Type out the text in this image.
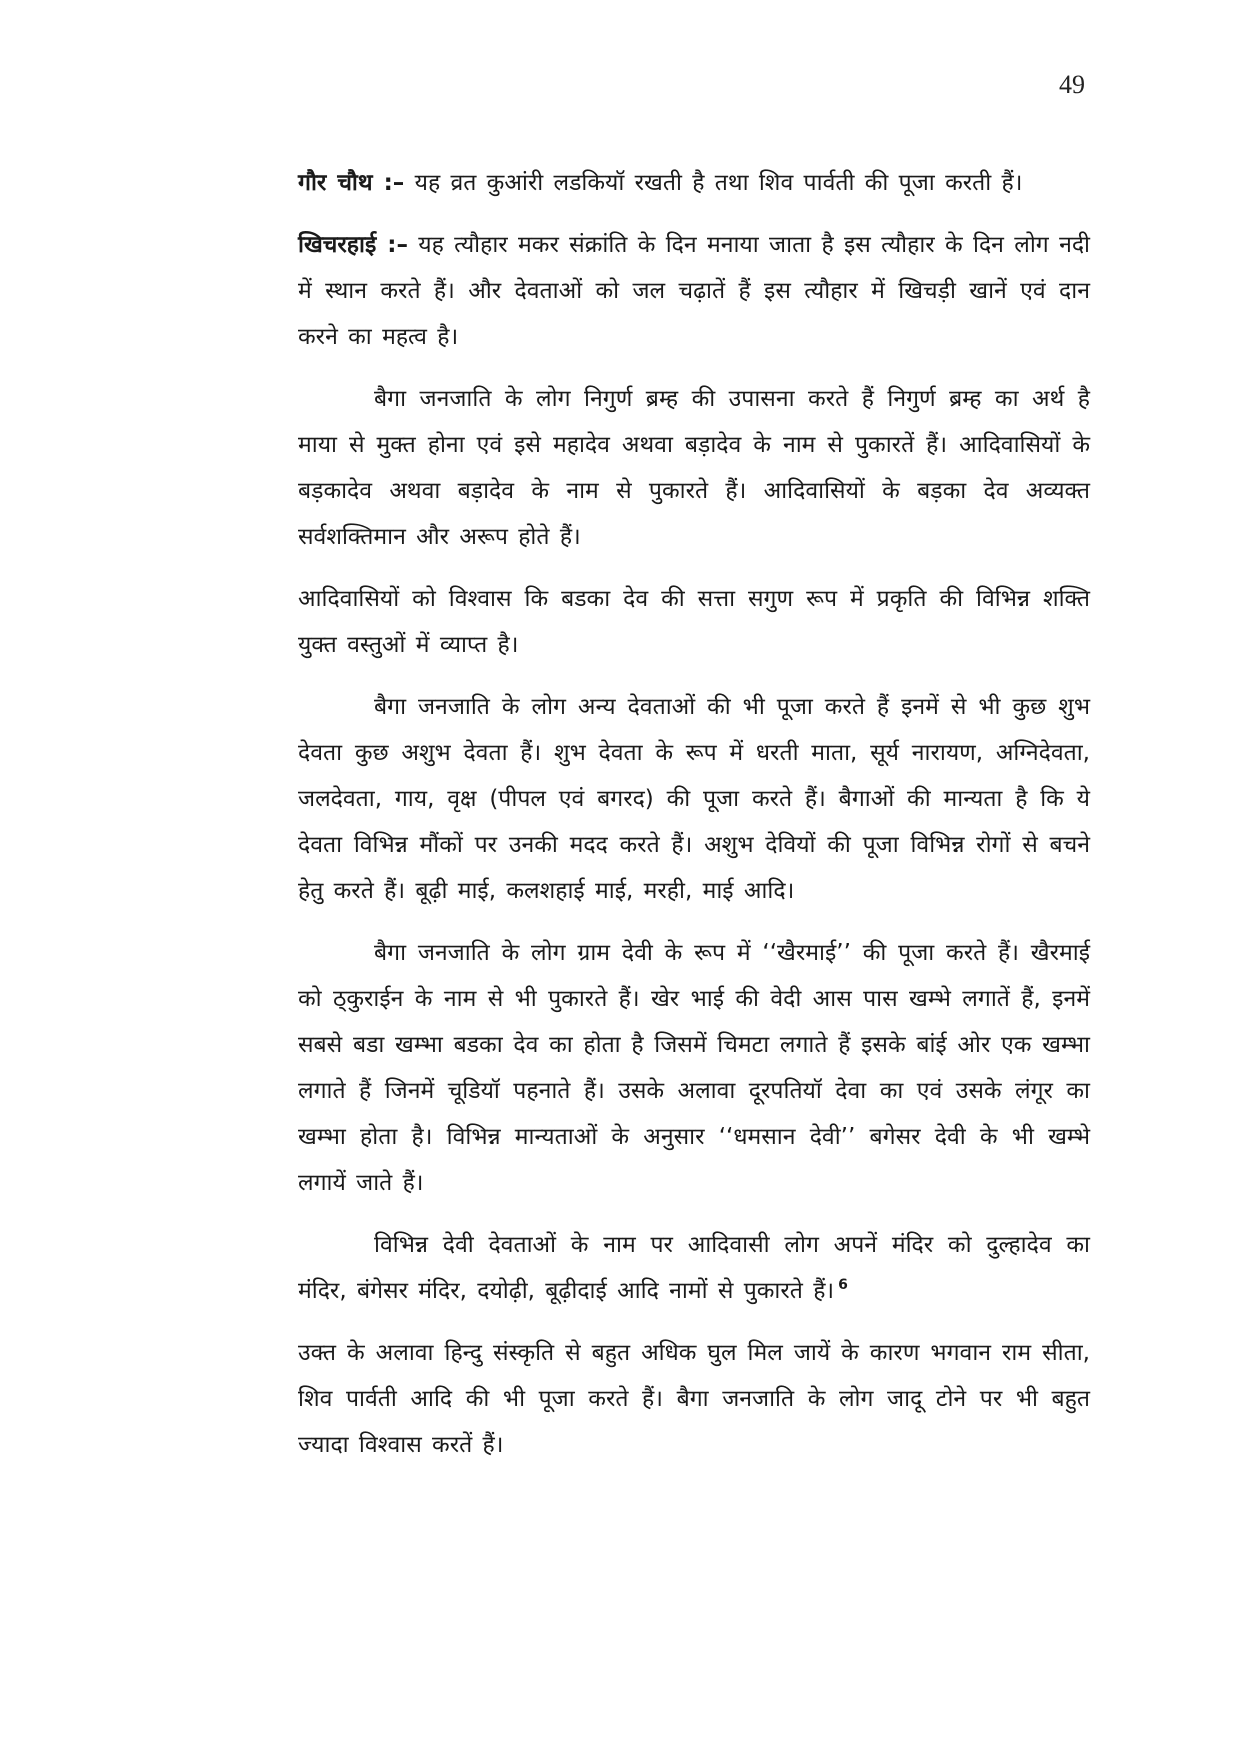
49

गौर चौथ :– यह व्रत कुआंरी लडकियॉ रखती है तथा शिव पार्वती की पूजा करती हैं।

खिचरहाई :– यह त्यौहार मकर संक्रांति के दिन मनाया जाता है इस त्यौहार के दिन लोग नदी में स्थान करते हैं। और देवताओं को जल चढ़ातें हैं इस त्यौहार में खिचड़ी खानें एवं दान करने का महत्व है।

बैगा जनजाति के लोग निगुर्ण ब्रम्ह की उपासना करते हैं निगुर्ण ब्रम्ह का अर्थ है माया से मुक्त होना एवं इसे महादेव अथवा बड़ादेव के नाम से पुकारतें हैं। आदिवासियों के बड़कादेव अथवा बड़ादेव के नाम से पुकारते हैं। आदिवासियों के बड़का देव अव्यक्त सर्वशक्तिमान और अरूप होते हैं।

आदिवासियों को विश्वास कि बडका देव की सत्ता सगुण रूप में प्रकृति की विभिन्न शक्ति युक्त वस्तुओं में व्याप्त है।

बैगा जनजाति के लोग अन्य देवताओं की भी पूजा करते हैं इनमें से भी कुछ शुभ देवता कुछ अशुभ देवता हैं। शुभ देवता के रूप में धरती माता, सूर्य नारायण, अग्निदेवता, जलदेवता, गाय, वृक्ष (पीपल एवं बगरद) की पूजा करते हैं। बैगाओं की मान्यता है कि ये देवता विभिन्न मौंकों पर उनकी मदद करते हैं। अशुभ देवियों की पूजा विभिन्न रोगों से बचने हेतु करते हैं। बूढ़ी माई, कलशहाई माई, मरही, माई आदि।

बैगा जनजाति के लोग ग्राम देवी के रूप में ‘‘खैरमाई’’ की पूजा करते हैं। खैरमाई को ठ्कुराईन के नाम से भी पुकारते हैं। खेर भाई की वेदी आस पास खम्भे लगातें हैं, इनमें सबसे बडा खम्भा बडका देव का होता है जिसमें चिमटा लगाते हैं इसके बांई ओर एक खम्भा लगाते हैं जिनमें चूडियॉ पहनाते हैं। उसके अलावा दूरपतियॉ देवा का एवं उसके लंगूर का खम्भा होता है। विभिन्न मान्यताओं के अनुसार ‘‘धमसान देवी’’ बगेसर देवी के भी खम्भे लगायें जाते हैं।

विभिन्न देवी देवताओं के नाम पर आदिवासी लोग अपनें मंदिर को दुल्हादेव का मंदिर, बंगेसर मंदिर, दयोढ़ी, बूढ़ीदाई आदि नामों से पुकारते हैं। $^6$

उक्त के अलावा हिन्दु संस्कृति से बहुत अधिक घुल मिल जायें के कारण भगवान राम सीता, शिव पार्वती आदि की भी पूजा करते हैं। बैगा जनजाति के लोग जादू टोने पर भी बहुत ज्यादा विश्वास करतें हैं।
